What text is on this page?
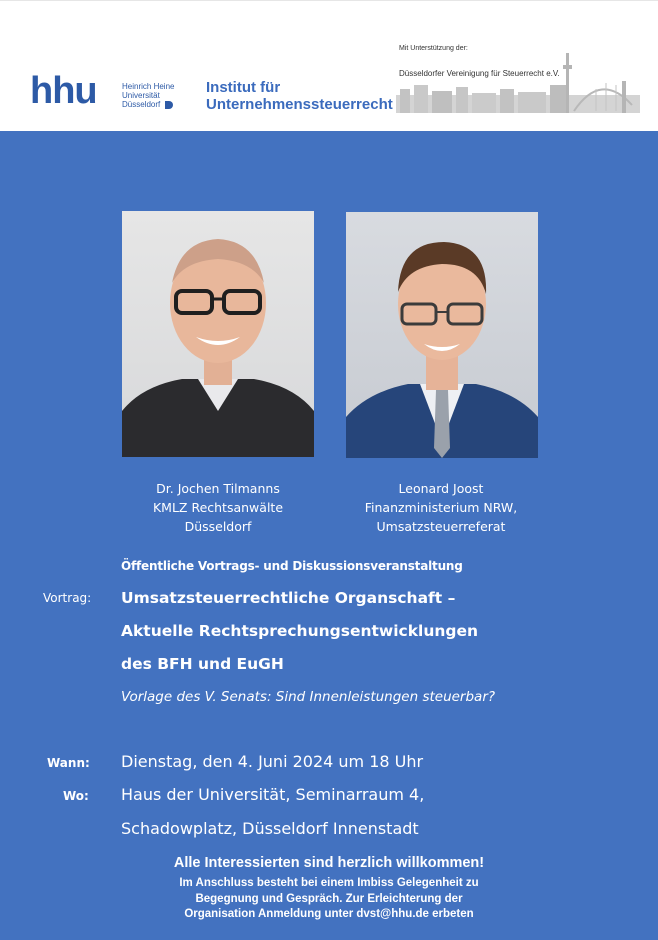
hhu	Heinrich Heine Universität Düsseldorf
Institut für
Unternehmenssteuerrecht
Mit Unterstützung der:
Düsseldorfer Vereinigung für Steuerrecht e.V.
Dr. Jochen Tilmanns
KMLZ Rechtsanwälte
Düsseldorf
Leonard Joost
Finanzministerium NRW,
Umsatzsteuerreferat
Öffentliche Vortrags- und Diskussionsveranstaltung
Vortrag: Umsatzsteuerrechtliche Organschaft –
Aktuelle Rechtsprechungsentwicklungen
des BFH und EuGH
Vorlage des V. Senats: Sind Innenleistungen steuerbar?
Wann: Dienstag, den 4. Juni 2024 um 18 Uhr
Wo: Haus der Universität, Seminarraum 4,
Schadowplatz, Düsseldorf Innenstadt
Alle Interessierten sind herzlich willkommen!
Im Anschluss besteht bei einem Imbiss Gelegenheit zu
Begegnung und Gespräch. Zur Erleichterung der
Organisation Anmeldung unter dvst@hhu.de erbeten
